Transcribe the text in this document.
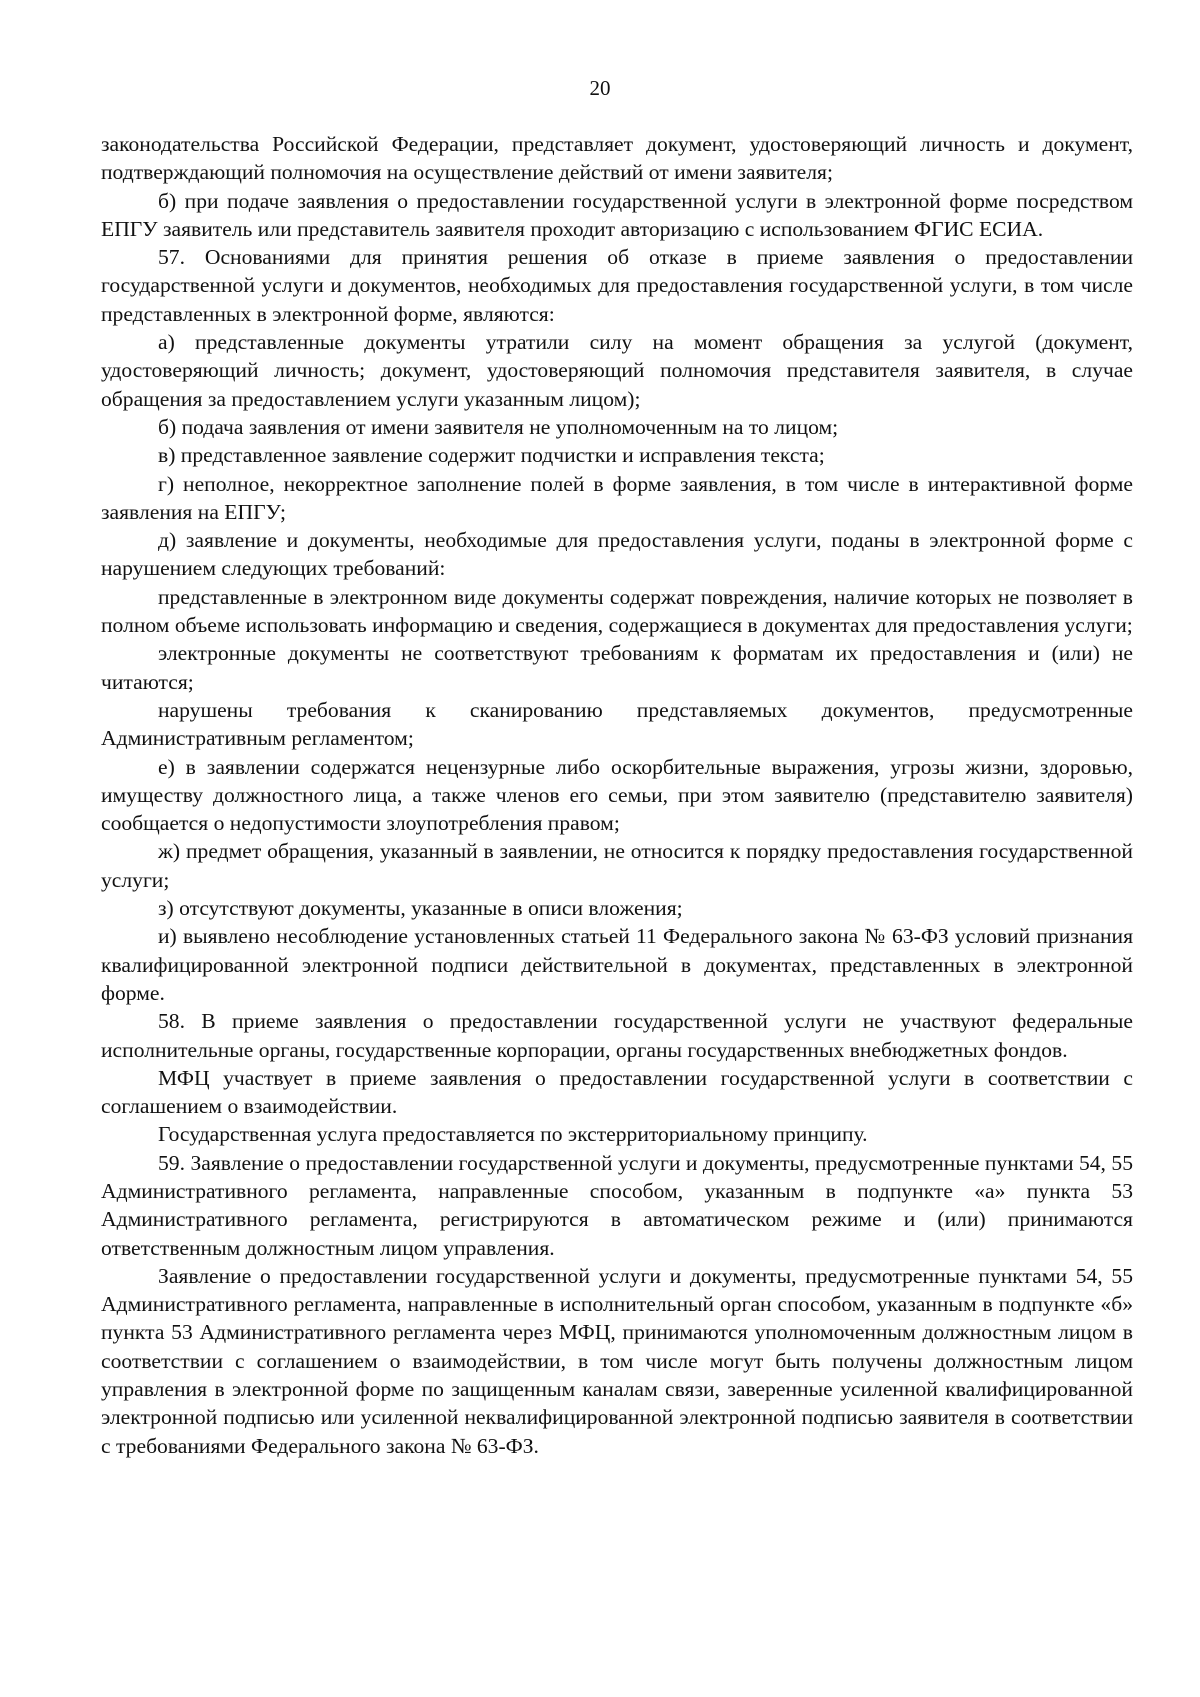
20

законодательства Российской Федерации, представляет документ, удостоверяющий личность и документ, подтверждающий полномочия на осуществление действий от имени заявителя;

б) при подаче заявления о предоставлении государственной услуги в электронной форме посредством ЕПГУ заявитель или представитель заявителя проходит авторизацию с использованием ФГИС ЕСИА.

57. Основаниями для принятия решения об отказе в приеме заявления о предоставлении государственной услуги и документов, необходимых для предоставления государственной услуги, в том числе представленных в электронной форме, являются:

а) представленные документы утратили силу на момент обращения за услугой (документ, удостоверяющий личность; документ, удостоверяющий полномочия представителя заявителя, в случае обращения за предоставлением услуги указанным лицом);

б) подача заявления от имени заявителя не уполномоченным на то лицом;

в) представленное заявление содержит подчистки и исправления текста;

г) неполное, некорректное заполнение полей в форме заявления, в том числе в интерактивной форме заявления на ЕПГУ;

д) заявление и документы, необходимые для предоставления услуги, поданы в электронной форме с нарушением следующих требований:

представленные в электронном виде документы содержат повреждения, наличие которых не позволяет в полном объеме использовать информацию и сведения, содержащиеся в документах для предоставления услуги;

электронные документы не соответствуют требованиям к форматам их предоставления и (или) не читаются;

нарушены требования к сканированию представляемых документов, предусмотренные Административным регламентом;

е) в заявлении содержатся нецензурные либо оскорбительные выражения, угрозы жизни, здоровью, имуществу должностного лица, а также членов его семьи, при этом заявителю (представителю заявителя) сообщается о недопустимости злоупотребления правом;

ж) предмет обращения, указанный в заявлении, не относится к порядку предоставления государственной услуги;

з) отсутствуют документы, указанные в описи вложения;

и) выявлено несоблюдение установленных статьей 11 Федерального закона № 63-ФЗ условий признания квалифицированной электронной подписи действительной в документах, представленных в электронной форме.

58. В приеме заявления о предоставлении государственной услуги не участвуют федеральные исполнительные органы, государственные корпорации, органы государственных внебюджетных фондов.

МФЦ участвует в приеме заявления о предоставлении государственной услуги в соответствии с соглашением о взаимодействии.

Государственная услуга предоставляется по экстерриториальному принципу.

59. Заявление о предоставлении государственной услуги и документы, предусмотренные пунктами 54, 55 Административного регламента, направленные способом, указанным в подпункте «а» пункта 53 Административного регламента, регистрируются в автоматическом режиме и (или) принимаются ответственным должностным лицом управления.

Заявление о предоставлении государственной услуги и документы, предусмотренные пунктами 54, 55 Административного регламента, направленные в исполнительный орган способом, указанным в подпункте «б» пункта 53 Административного регламента через МФЦ, принимаются уполномоченным должностным лицом в соответствии с соглашением о взаимодействии, в том числе могут быть получены должностным лицом управления в электронной форме по защищенным каналам связи, заверенные усиленной квалифицированной электронной подписью или усиленной неквалифицированной электронной подписью заявителя в соответствии с требованиями Федерального закона № 63-ФЗ.
